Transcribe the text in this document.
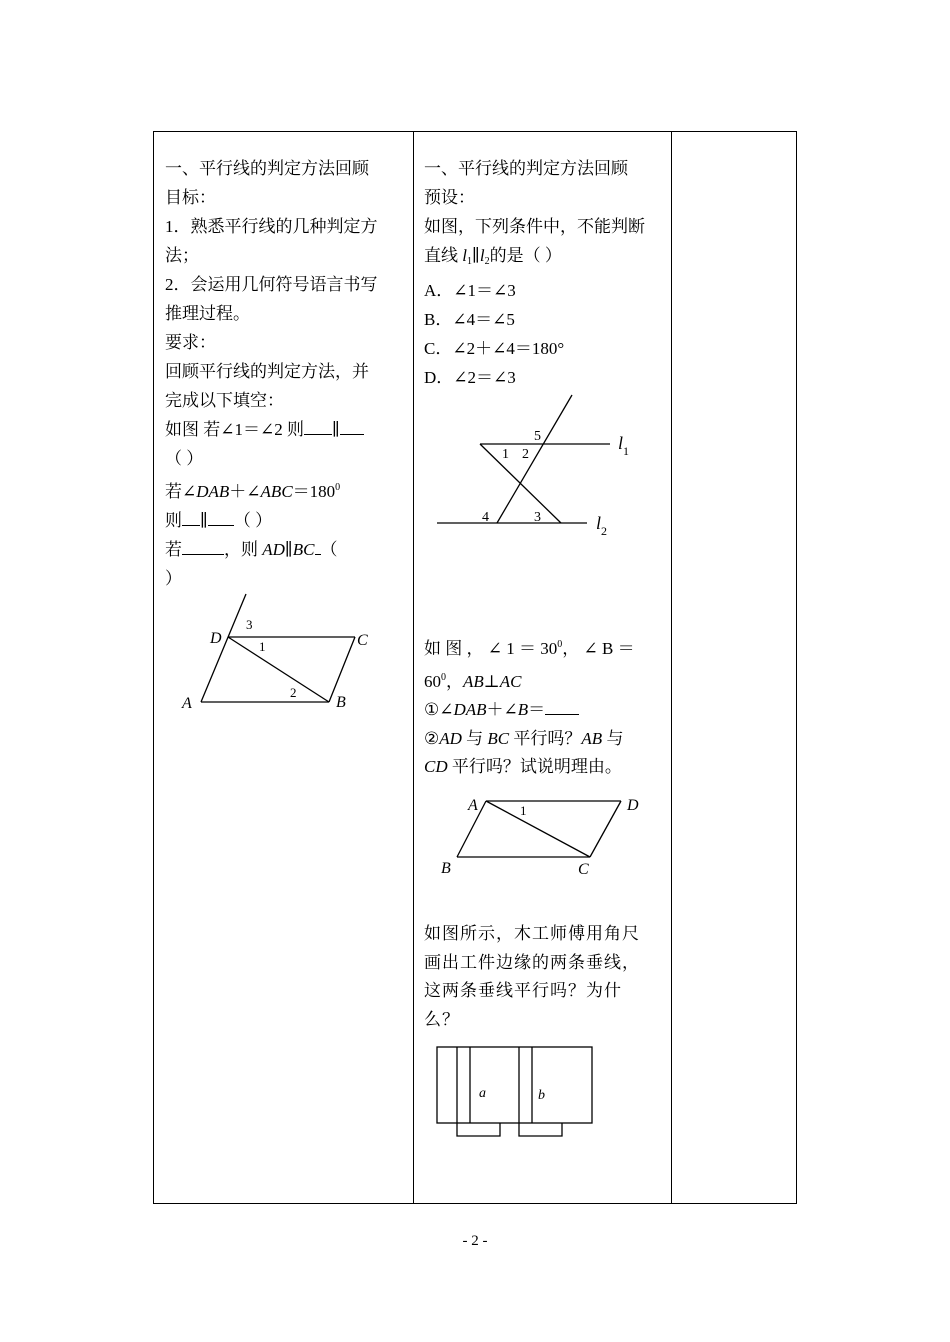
一、平行线的判定方法回顾

目标：

1．熟悉平行线的几种判定方

法；

2．会运用几何符号语言书写

推理过程。

要求：

回顾平行线的判定方法，并

完成以下填空：

如图 若∠1＝∠2 则 ∥

（ ）

若$\angle DAB+\angle ABC=180^0$

则 ∥ （ ）

若 ，则 AD∥BC （

）

一、平行线的判定方法回顾

预设：

如图，下列条件中，不能判断

直线 $l_1\parallel l_2$的是（ ）

A．∠1＝∠3

B．∠4＝∠5

C．∠2＋∠4＝180°

D．∠2＝∠3

如 图 ， ∠ $1 = 30^0$， ∠ B ＝

$60^0$，AB⊥AC

①∠DAB＋∠B＝

②AD 与 BC 平行吗？AB 与

CD 平行吗？试说明理由。

如图所示，木工师傅用角尺

画出工件边缘的两条垂线，

这两条垂线平行吗？为什

么？

D	C
A	B
1
2
3
5
1 2
4	3
$l_1$
$l_2$
A	D
B	C
1
a	b
- 2 -
